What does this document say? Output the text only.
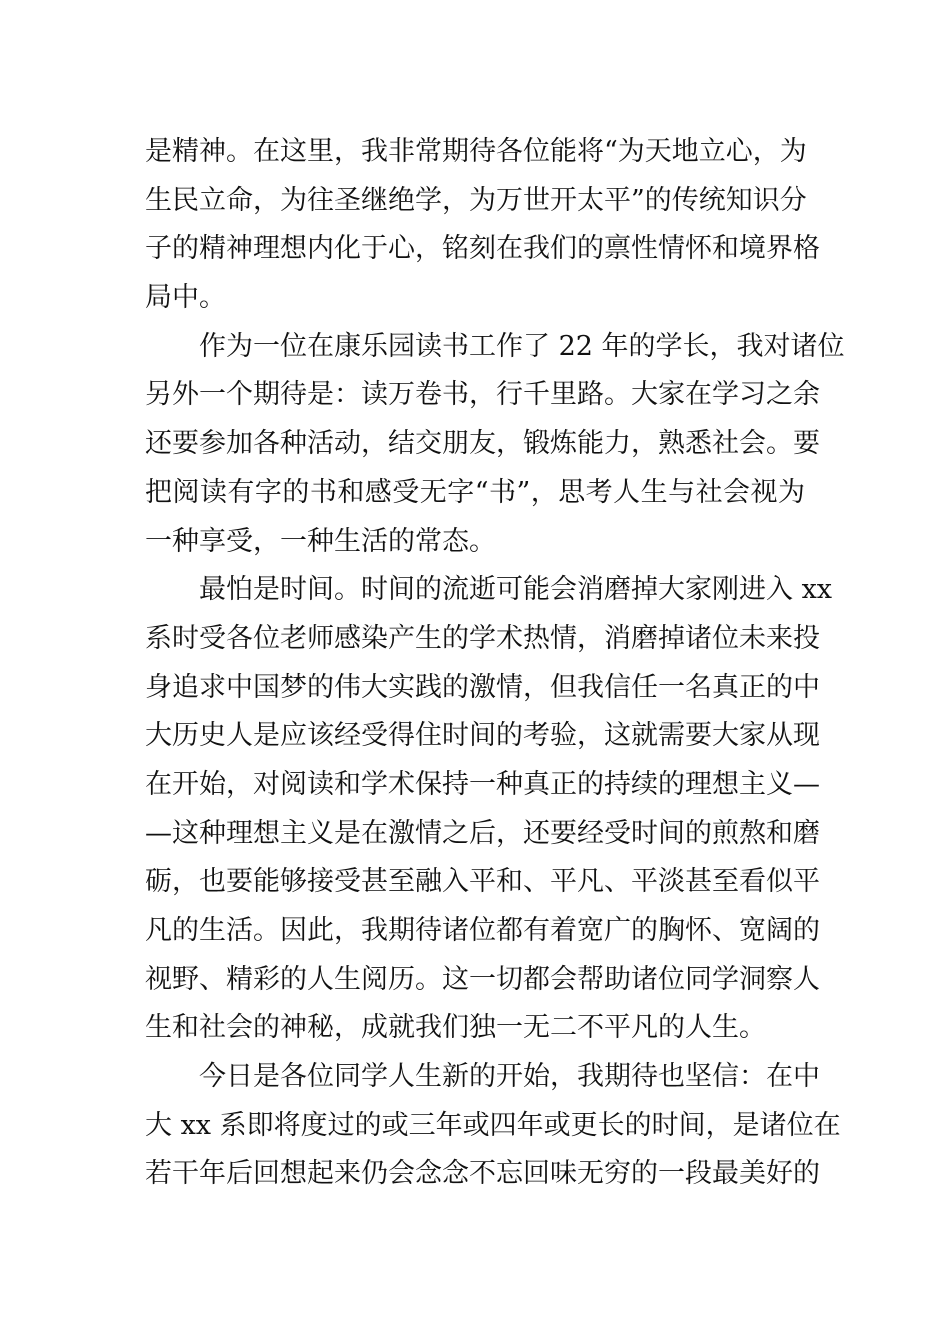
是精神。在这里，我非常期待各位能将“为天地立心，为
生民立命，为往圣继绝学，为万世开太平”的传统知识分
子的精神理想内化于心，铭刻在我们的禀性情怀和境界格
局中。
作为一位在康乐园读书工作了 22 年的学长，我对诸位
另外一个期待是：读万卷书，行千里路。大家在学习之余
还要参加各种活动，结交朋友，锻炼能力，熟悉社会。要
把阅读有字的书和感受无字“书”，思考人生与社会视为
一种享受，一种生活的常态。
最怕是时间。时间的流逝可能会消磨掉大家刚进入 xx
系时受各位老师感染产生的学术热情，消磨掉诸位未来投
身追求中国梦的伟大实践的激情，但我信任一名真正的中
大历史人是应该经受得住时间的考验，这就需要大家从现
在开始，对阅读和学术保持一种真正的持续的理想主义—
—这种理想主义是在激情之后，还要经受时间的煎熬和磨
砺，也要能够接受甚至融入平和、平凡、平淡甚至看似平
凡的生活。因此，我期待诸位都有着宽广的胸怀、宽阔的
视野、精彩的人生阅历。这一切都会帮助诸位同学洞察人
生和社会的神秘，成就我们独一无二不平凡的人生。
今日是各位同学人生新的开始，我期待也坚信：在中
大 xx 系即将度过的或三年或四年或更长的时间，是诸位在
若干年后回想起来仍会念念不忘回味无穷的一段最美好的
